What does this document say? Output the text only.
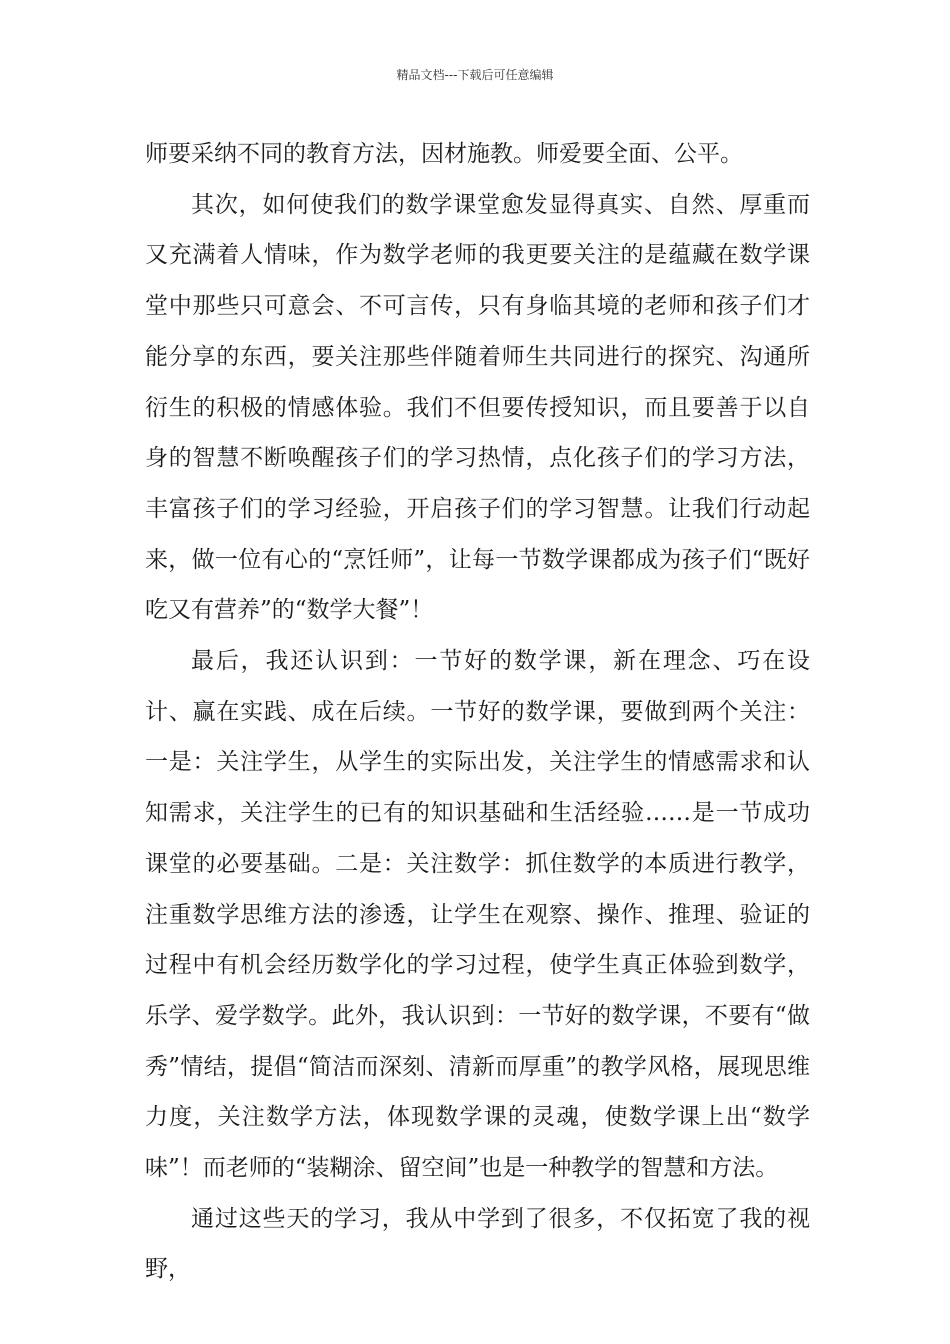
精品文档---下载后可任意编辑

师要采纳不同的教育方法，因材施教。师爱要全面、公平。

其次，如何使我们的数学课堂愈发显得真实、自然、厚重而又充满着人情味，作为数学老师的我更要关注的是蕴藏在数学课堂中那些只可意会、不可言传，只有身临其境的老师和孩子们才能分享的东西，要关注那些伴随着师生共同进行的探究、沟通所衍生的积极的情感体验。我们不但要传授知识，而且要善于以自身的智慧不断唤醒孩子们的学习热情，点化孩子们的学习方法，丰富孩子们的学习经验，开启孩子们的学习智慧。让我们行动起来，做一位有心的“烹饪师”，让每一节数学课都成为孩子们“既好吃又有营养”的“数学大餐”！

最后，我还认识到：一节好的数学课，新在理念、巧在设计、赢在实践、成在后续。一节好的数学课，要做到两个关注：一是：关注学生，从学生的实际出发，关注学生的情感需求和认知需求，关注学生的已有的知识基础和生活经验……是一节成功课堂的必要基础。二是：关注数学：抓住数学的本质进行教学，注重数学思维方法的渗透，让学生在观察、操作、推理、验证的过程中有机会经历数学化的学习过程，使学生真正体验到数学，乐学、爱学数学。此外，我认识到：一节好的数学课，不要有“做秀”情结，提倡“简洁而深刻、清新而厚重”的教学风格，展现思维力度，关注数学方法，体现数学课的灵魂，使数学课上出“数学味”！而老师的“装糊涂、留空间”也是一种教学的智慧和方法。

通过这些天的学习，我从中学到了很多，不仅拓宽了我的视野，
